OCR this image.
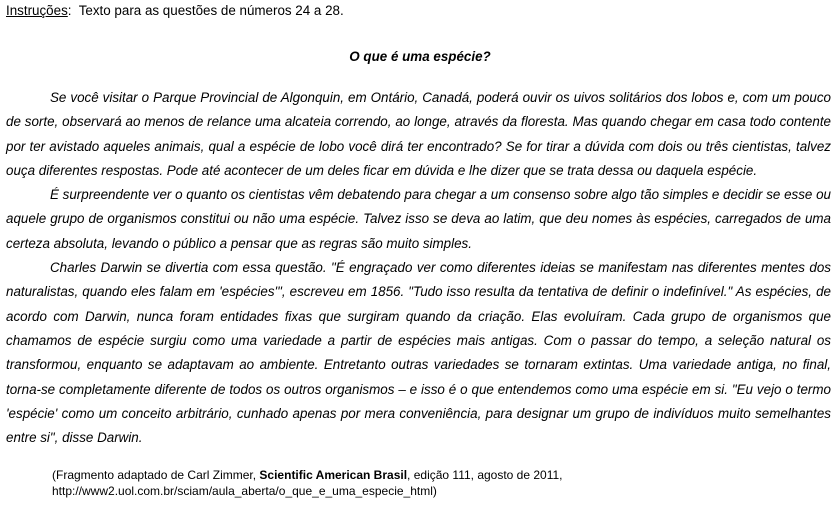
Instruções:  Texto para as questões de números 24 a 28.
O que é uma espécie?

Se você visitar o Parque Provincial de Algonquin, em Ontário, Canadá, poderá ouvir os uivos solitários dos lobos e, com um pouco de sorte, observará ao menos de relance uma alcateia correndo, ao longe, através da floresta. Mas quando chegar em casa todo contente por ter avistado aqueles animais, qual a espécie de lobo você dirá ter encontrado? Se for tirar a dúvida com dois ou três cientistas, talvez ouça diferentes respostas. Pode até acontecer de um deles ficar em dúvida e lhe dizer que se trata dessa ou daquela espécie.

É surpreendente ver o quanto os cientistas vêm debatendo para chegar a um consenso sobre algo tão simples e decidir se esse ou aquele grupo de organismos constitui ou não uma espécie. Talvez isso se deva ao latim, que deu nomes às espécies, carregados de uma certeza absoluta, levando o público a pensar que as regras são muito simples.

Charles Darwin se divertia com essa questão. "É engraçado ver como diferentes ideias se manifestam nas diferentes mentes dos naturalistas, quando eles falam em 'espécies'", escreveu em 1856. "Tudo isso resulta da tentativa de definir o indefinível." As espécies, de acordo com Darwin, nunca foram entidades fixas que surgiram quando da criação. Elas evoluíram. Cada grupo de organismos que chamamos de espécie surgiu como uma variedade a partir de espécies mais antigas. Com o passar do tempo, a seleção natural os transformou, enquanto se adaptavam ao ambiente. Entretanto outras variedades se tornaram extintas. Uma variedade antiga, no final, torna-se completamente diferente de todos os outros organismos – e isso é o que entendemos como uma espécie em si. "Eu vejo o termo 'espécie' como um conceito arbitrário, cunhado apenas por mera conveniência, para designar um grupo de indivíduos muito semelhantes entre si", disse Darwin.

(Fragmento adaptado de Carl Zimmer, Scientific American Brasil, edição 111, agosto de 2011, http://www2.uol.com.br/sciam/aula_aberta/o_que_e_uma_especie_html)
